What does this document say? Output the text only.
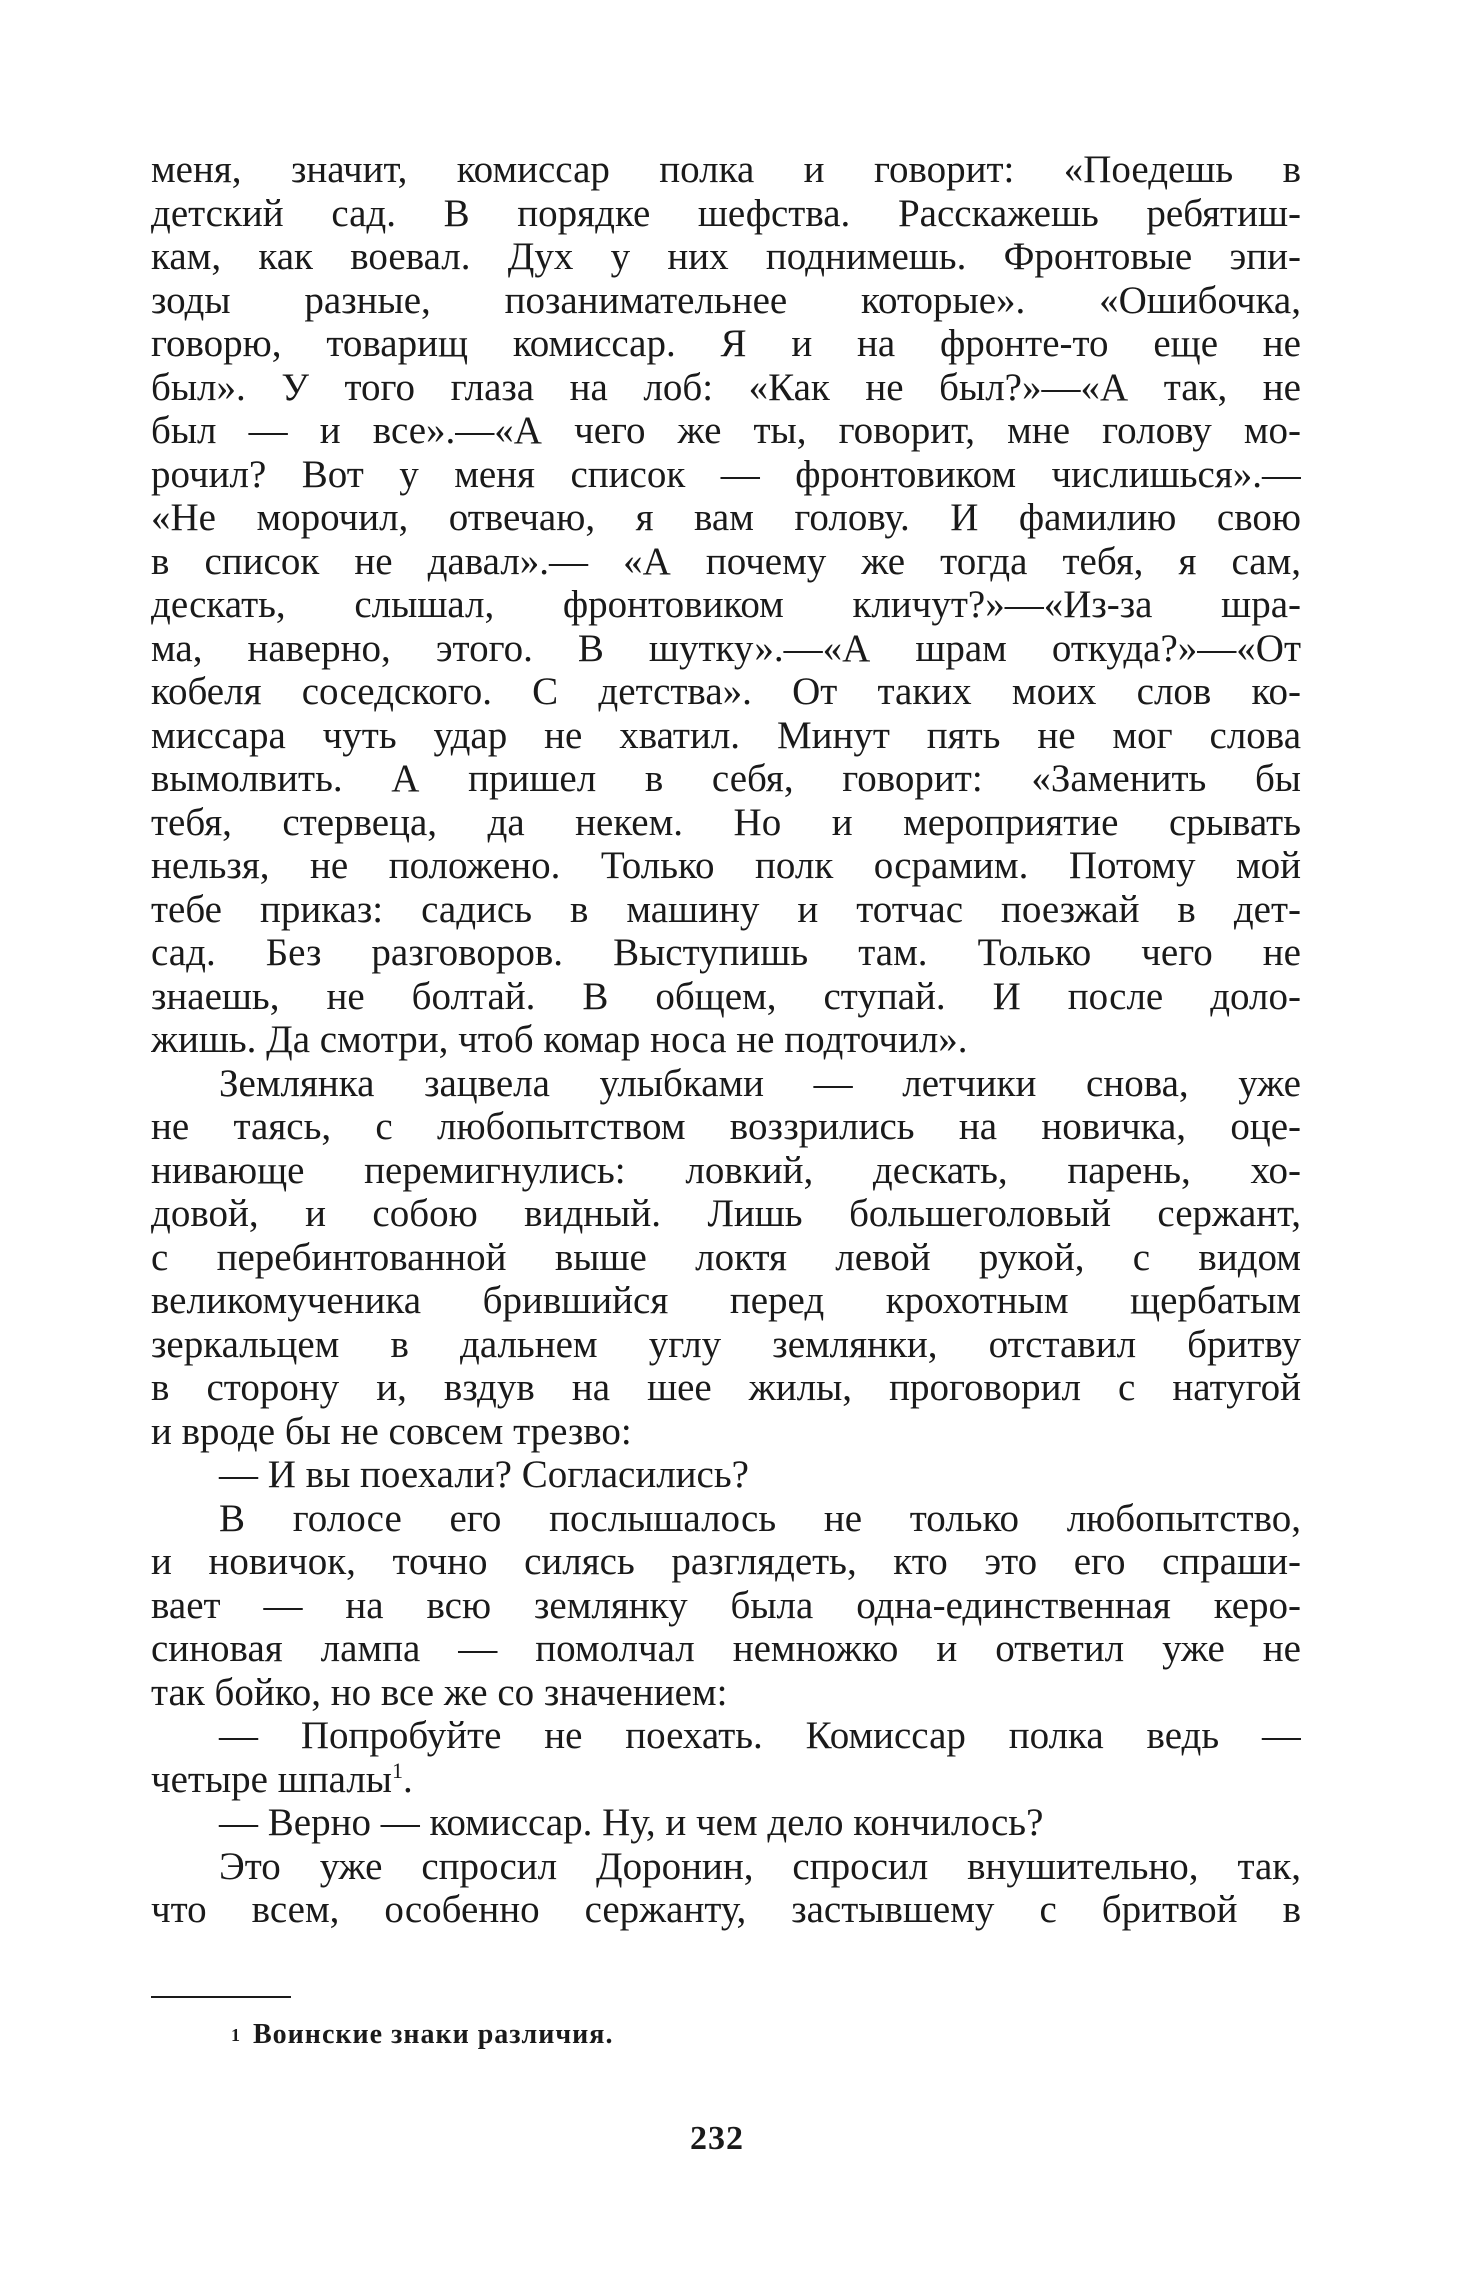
меня, значит, комиссар полка и говорит: «Поедешь в
детский сад. В порядке шефства. Расскажешь ребятиш-
кам, как воевал. Дух у них поднимешь. Фронтовые эпи-
зоды разные, позанимательнее которые». «Ошибочка,
говорю, товарищ комиссар. Я и на фронте-то еще не
был». У того глаза на лоб: «Как не был?»—«А так, не
был — и все».—«А чего же ты, говорит, мне голову мо-
рочил? Вот у меня список — фронтовиком числишься».—
«Не морочил, отвечаю, я вам голову. И фамилию свою
в список не давал».— «А почему же тогда тебя, я сам,
дескать, слышал, фронтовиком кличут?»—«Из-за шра-
ма, наверно, этого. В шутку».—«А шрам откуда?»—«От
кобеля соседского. С детства». От таких моих слов ко-
миссара чуть удар не хватил. Минут пять не мог слова
вымолвить. А пришел в себя, говорит: «Заменить бы
тебя, стервеца, да некем. Но и мероприятие срывать
нельзя, не положено. Только полк осрамим. Потому мой
тебе приказ: садись в машину и тотчас поезжай в дет-
сад. Без разговоров. Выступишь там. Только чего не
знаешь, не болтай. В общем, ступай. И после доло-
жишь. Да смотри, чтоб комар носа не подточил».
Землянка зацвела улыбками — летчики снова, уже
не таясь, с любопытством воззрились на новичка, оце-
нивающе перемигнулись: ловкий, дескать, парень, хо-
довой, и собою видный. Лишь большеголовый сержант,
с перебинтованной выше локтя левой рукой, с видом
великомученика брившийся перед крохотным щербатым
зеркальцем в дальнем углу землянки, отставил бритву
в сторону и, вздув на шее жилы, проговорил с натугой
и вроде бы не совсем трезво:
— И вы поехали? Согласились?
В голосе его послышалось не только любопытство,
и новичок, точно силясь разглядеть, кто это его спраши-
вает — на всю землянку была одна-единственная керо-
синовая лампа — помолчал немножко и ответил уже не
так бойко, но все же со значением:
— Попробуйте не поехать. Комиссар полка ведь —
четыре шпалы$^1$.
— Верно — комиссар. Ну, и чем дело кончилось?
Это уже спросил Доронин, спросил внушительно, так,
что всем, особенно сержанту, застывшему с бритвой в
$^1$ Воинские знаки различия.
232
